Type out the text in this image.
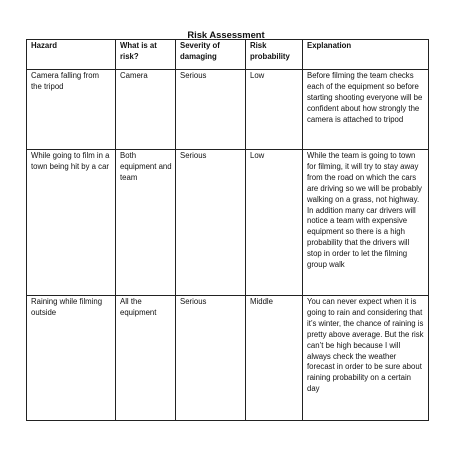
Risk Assessment
Hazard	What is at risk?	Severity of damaging	Risk probability	Explanation
Camera falling from the tripod	Camera	Serious	Low	Before filming the team checks each of the equipment so before starting shooting everyone will be confident about how strongly the camera is attached to tripod
While going to film in a town being hit by a car	Both equipment and team	Serious	Low	While the team is going to town for filming, it will try to stay away from the road on which the cars are driving so we will be probably walking on a grass, not highway. In addition many car drivers will notice a team with expensive equipment so there is a high probability that the drivers will stop in order to let the filming group walk
Raining while filming outside	All the equipment	Serious	Middle	You can never expect when it is going to rain and considering that it’s winter, the chance of raining is pretty above average. But the risk can’t be high because I will always check the weather forecast in order to be sure about raining probability on a certain day
